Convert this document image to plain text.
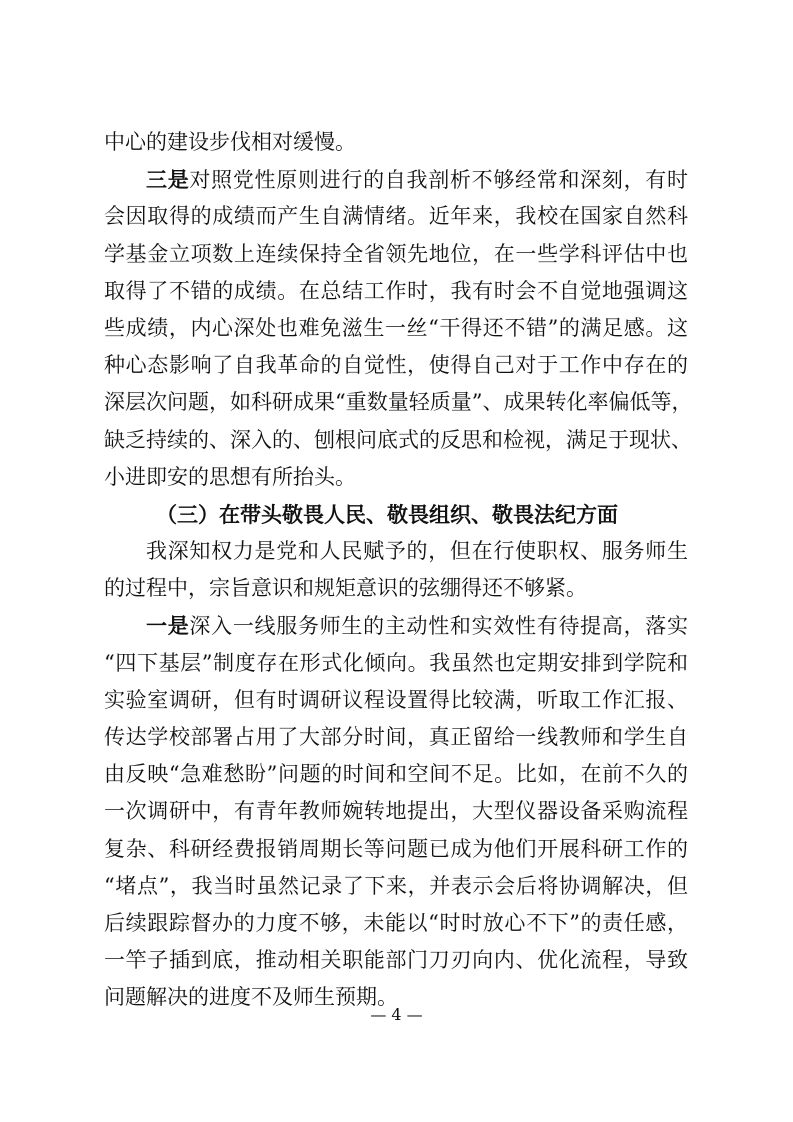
中心的建设步伐相对缓慢。
三是对照党性原则进行的自我剖析不够经常和深刻，有时
会因取得的成绩而产生自满情绪。近年来，我校在国家自然科
学基金立项数上连续保持全省领先地位，在一些学科评估中也
取得了不错的成绩。在总结工作时，我有时会不自觉地强调这
些成绩，内心深处也难免滋生一丝“干得还不错”的满足感。这
种心态影响了自我革命的自觉性，使得自己对于工作中存在的
深层次问题，如科研成果“重数量轻质量”、成果转化率偏低等，
缺乏持续的、深入的、刨根问底式的反思和检视，满足于现状、
小进即安的思想有所抬头。
（三）在带头敬畏人民、敬畏组织、敬畏法纪方面
我深知权力是党和人民赋予的，但在行使职权、服务师生
的过程中，宗旨意识和规矩意识的弦绷得还不够紧。
一是深入一线服务师生的主动性和实效性有待提高，落实
“四下基层”制度存在形式化倾向。我虽然也定期安排到学院和
实验室调研，但有时调研议程设置得比较满，听取工作汇报、
传达学校部署占用了大部分时间，真正留给一线教师和学生自
由反映“急难愁盼”问题的时间和空间不足。比如，在前不久的
一次调研中，有青年教师婉转地提出，大型仪器设备采购流程
复杂、科研经费报销周期长等问题已成为他们开展科研工作的
“堵点”，我当时虽然记录了下来，并表示会后将协调解决，但
后续跟踪督办的力度不够，未能以“时时放心不下”的责任感，
一竿子插到底，推动相关职能部门刀刃向内、优化流程，导致
问题解决的进度不及师生预期。
— 4 —
